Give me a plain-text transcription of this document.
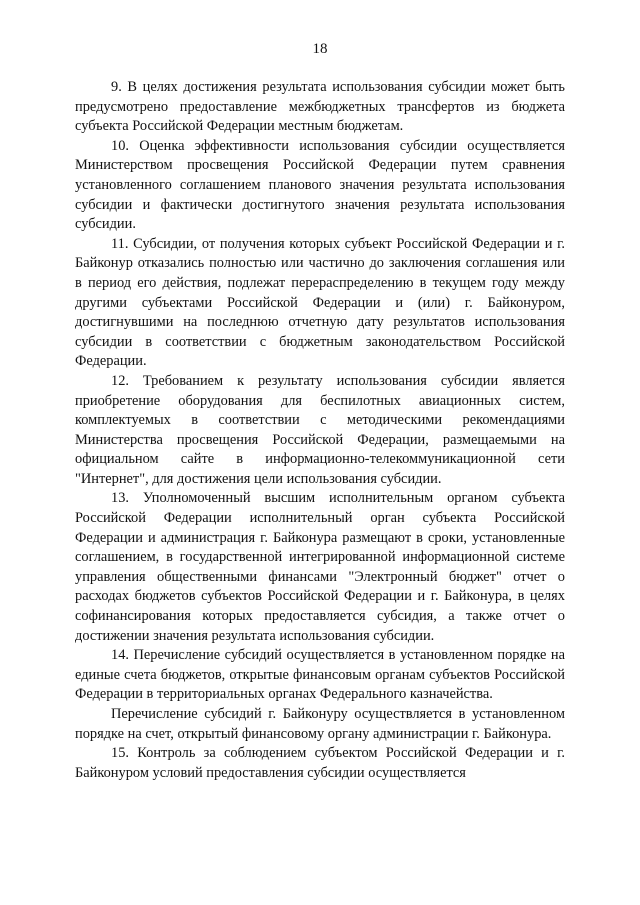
18

9. В целях достижения результата использования субсидии может быть предусмотрено предоставление межбюджетных трансфертов из бюджета субъекта Российской Федерации местным бюджетам.

10. Оценка эффективности использования субсидии осуществляется Министерством просвещения Российской Федерации путем сравнения установленного соглашением планового значения результата использования субсидии и фактически достигнутого значения результата использования субсидии.

11. Субсидии, от получения которых субъект Российской Федерации и г. Байконур отказались полностью или частично до заключения соглашения или в период его действия, подлежат перераспределению в текущем году между другими субъектами Российской Федерации и (или) г. Байконуром, достигнувшими на последнюю отчетную дату результатов использования субсидии в соответствии с бюджетным законодательством Российской Федерации.

12. Требованием к результату использования субсидии является приобретение оборудования для беспилотных авиационных систем, комплектуемых в соответствии с методическими рекомендациями Министерства просвещения Российской Федерации, размещаемыми на официальном сайте в информационно-телекоммуникационной сети "Интернет", для достижения цели использования субсидии.

13. Уполномоченный высшим исполнительным органом субъекта Российской Федерации исполнительный орган субъекта Российской Федерации и администрация г. Байконура размещают в сроки, установленные соглашением, в государственной интегрированной информационной системе управления общественными финансами "Электронный бюджет" отчет о расходах бюджетов субъектов Российской Федерации и г. Байконура, в целях софинансирования которых предоставляется субсидия, а также отчет о достижении значения результата использования субсидии.

14. Перечисление субсидий осуществляется в установленном порядке на единые счета бюджетов, открытые финансовым органам субъектов Российской Федерации в территориальных органах Федерального казначейства.

Перечисление субсидий г. Байконуру осуществляется в установленном порядке на счет, открытый финансовому органу администрации г. Байконура.

15. Контроль за соблюдением субъектом Российской Федерации и г. Байконуром условий предоставления субсидии осуществляется
